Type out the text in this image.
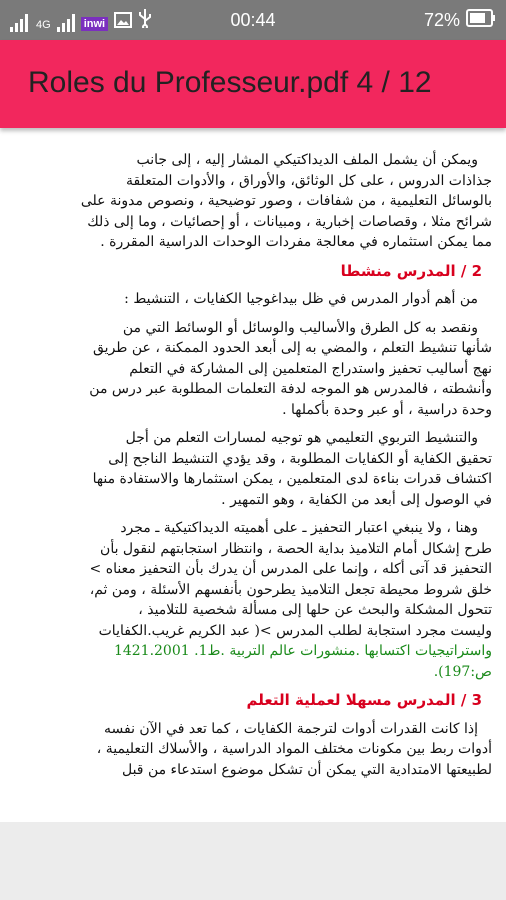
4G	inwi	00:44	72%
Roles du Professeur.pdf 4 / 12
ويمكن أن يشمل الملف الديداكتيكي المشار إليه ، إلى جانب
جذاذات الدروس ، على كل الوثائق، والأوراق ، والأدوات المتعلقة
بالوسائل التعليمية ، من شفافات ، وصور توضيحية ، ونصوص مدونة على
شرائح مثلا ، وقصاصات إخبارية ، ومبيانات ، أو إحصائيات ، وما إلى ذلك
مما يمكن استثماره في معالجة مفردات الوحدات الدراسية المقررة .
2 / المدرس منشطا
من أهم أدوار المدرس في ظل بيداغوجيا الكفايات ، التنشيط :
ونقصد به كل الطرق والأساليب والوسائل أو الوسائط التي من
شأنها تنشيط التعلم ، والمضي به إلى أبعد الحدود الممكنة ، عن طريق
نهج أساليب تحفيز واستدراج المتعلمين إلى المشاركة في التعلم
وأنشطته ، فالمدرس هو الموجه لدفة التعلمات المطلوبة عبر درس من
وحدة دراسية ، أو عبر وحدة بأكملها .
والتنشيط التربوي التعليمي هو توجيه لمسارات التعلم من أجل
تحقيق الكفاية أو الكفايات المطلوبة ، وقد يؤدي التنشيط الناجح إلى
اكتشاف قدرات بناءة لدى المتعلمين ، يمكن استثمارها والاستفادة منها
في الوصول إلى أبعد من الكفاية ، وهو التمهير .
وهنا ، ولا ينبغي اعتبار التحفيز ـ على أهميته الديداكتيكية ـ مجرد
طرح إشكال أمام التلاميذ بداية الحصة ، وانتظار استجابتهم لنقول بأن
التحفيز قد آتى أكله ، وإنما على المدرس أن يدرك بأن التحفيز معناه >
خلق شروط محيطة تجعل التلاميذ يطرحون بأنفسهم الأسئلة ، ومن ثم،
تتحول المشكلة والبحث عن حلها إلى مسألة شخصية للتلاميذ ،
وليست مجرد استجابة لطلب المدرس >( عبد الكريم غريب.الكفايات
واستراتيجيات اكتسابها .منشورات عالم التربية .ط1. 1421.2001
ص:197).
3 / المدرس مسهلا لعملية التعلم
إذا كانت القدرات أدوات لترجمة الكفايات ، كما تعد في الآن نفسه
أدوات ربط بين مكونات مختلف المواد الدراسية ، والأسلاك التعليمية ،
لطبيعتها الامتدادية التي يمكن أن تشكل موضوع استدعاء من قبل
